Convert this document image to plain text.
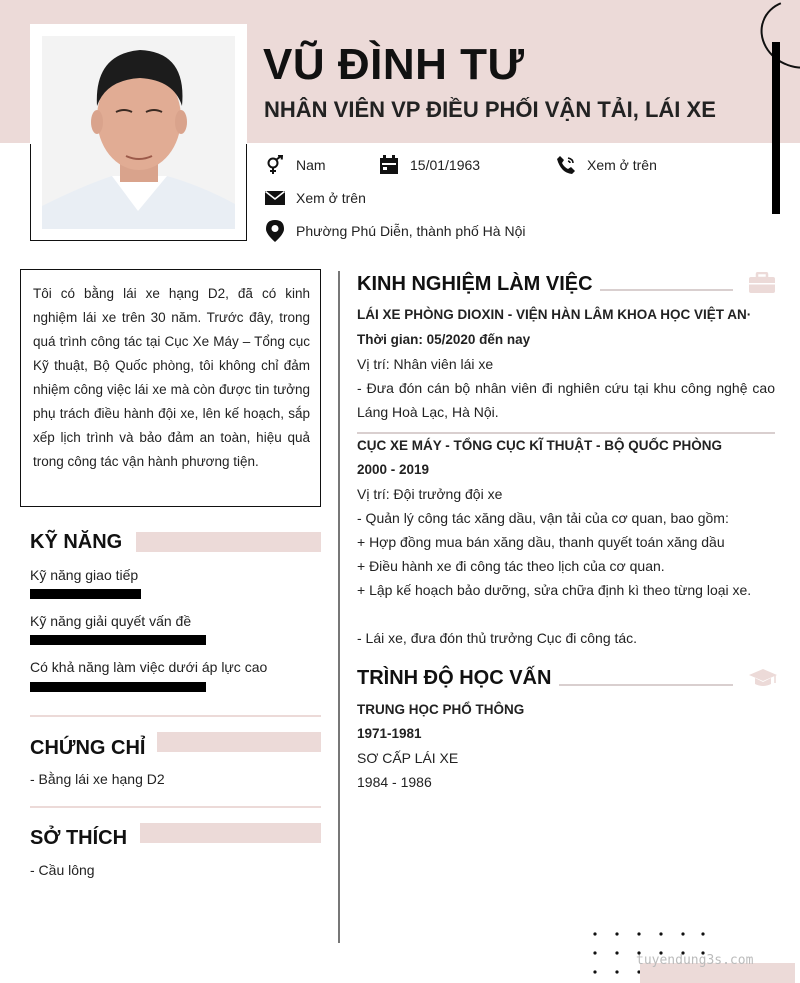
VŨ ĐÌNH TƯ
NHÂN VIÊN VP ĐIỀU PHỐI VẬN TẢI, LÁI XE
Nam	15/01/1963	Xem ở trên
Xem ở trên
Phường Phú Diễn, thành phố Hà Nội

Tôi có bằng lái xe hạng D2, đã có kinh nghiệm lái xe trên 30 năm. Trước đây, trong quá trình công tác tại Cục Xe Máy – Tổng cục Kỹ thuật, Bộ Quốc phòng, tôi không chỉ đảm nhiệm công việc lái xe mà còn được tin tưởng phụ trách điều hành đội xe, lên kế hoạch, sắp xếp lịch trình và bảo đảm an toàn, hiệu quả trong công tác vận hành phương tiện.

KỸ NĂNG
Kỹ năng giao tiếp
Kỹ năng giải quyết vấn đề
Có khả năng làm việc dưới áp lực cao
CHỨNG CHỈ
- Bằng lái xe hạng D2
SỞ THÍCH
- Cầu lông
KINH NGHIỆM LÀM VIỆC
LÁI XE PHÒNG DIOXIN - VIỆN HÀN LÂM KHOA HỌC VIỆT AN·
Thời gian: 05/2020 đến nay
Vị trí: Nhân viên lái xe
- Đưa đón cán bộ nhân viên đi nghiên cứu tại khu công nghệ cao Láng Hoà Lạc, Hà Nội.
CỤC XE MÁY - TỔNG CỤC KĨ THUẬT - BỘ QUỐC PHÒNG
2000 - 2019
Vị trí: Đội trưởng đội xe
- Quản lý công tác xăng dầu, vận tải của cơ quan, bao gồm:
+ Hợp đồng mua bán xăng dầu, thanh quyết toán xăng dầu
+ Điều hành xe đi công tác theo lịch của cơ quan.
+ Lập kế hoạch bảo dưỡng, sửa chữa định kì theo từng loại xe.
- Lái xe, đưa đón thủ trưởng Cục đi công tác.
TRÌNH ĐỘ HỌC VẤN
TRUNG HỌC PHỔ THÔNG
1971-1981
SƠ CẤP LÁI XE
1984 - 1986
tuyendung3s.com
